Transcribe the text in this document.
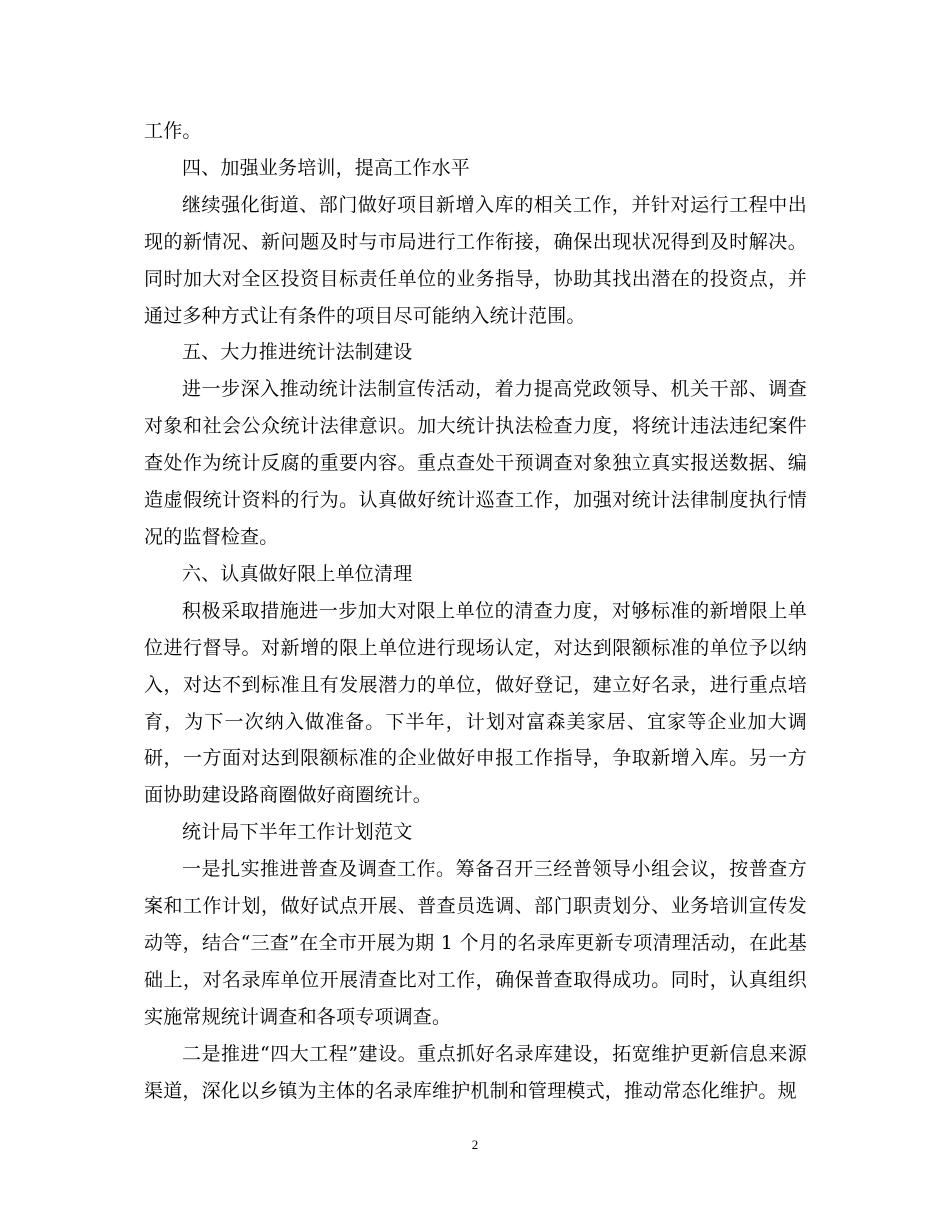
工作。

四、加强业务培训，提高工作水平

继续强化街道、部门做好项目新增入库的相关工作，并针对运行工程中出现的新情况、新问题及时与市局进行工作衔接，确保出现状况得到及时解决。同时加大对全区投资目标责任单位的业务指导，协助其找出潜在的投资点，并通过多种方式让有条件的项目尽可能纳入统计范围。

五、大力推进统计法制建设

进一步深入推动统计法制宣传活动，着力提高党政领导、机关干部、调查对象和社会公众统计法律意识。加大统计执法检查力度，将统计违法违纪案件查处作为统计反腐的重要内容。重点查处干预调查对象独立真实报送数据、编造虚假统计资料的行为。认真做好统计巡查工作，加强对统计法律制度执行情况的监督检查。

六、认真做好限上单位清理

积极采取措施进一步加大对限上单位的清查力度，对够标准的新增限上单位进行督导。对新增的限上单位进行现场认定，对达到限额标准的单位予以纳入，对达不到标准且有发展潜力的单位，做好登记，建立好名录，进行重点培育，为下一次纳入做准备。下半年，计划对富森美家居、宜家等企业加大调研，一方面对达到限额标准的企业做好申报工作指导，争取新增入库。另一方面协助建设路商圈做好商圈统计。

统计局下半年工作计划范文

一是扎实推进普查及调查工作。筹备召开三经普领导小组会议，按普查方案和工作计划，做好试点开展、普查员选调、部门职责划分、业务培训宣传发动等，结合“三查”在全市开展为期 1 个月的名录库更新专项清理活动，在此基础上，对名录库单位开展清查比对工作，确保普查取得成功。同时，认真组织实施常规统计调查和各项专项调查。

二是推进“四大工程”建设。重点抓好名录库建设，拓宽维护更新信息来源渠道，深化以乡镇为主体的名录库维护机制和管理模式，推动常态化维护。规

2
